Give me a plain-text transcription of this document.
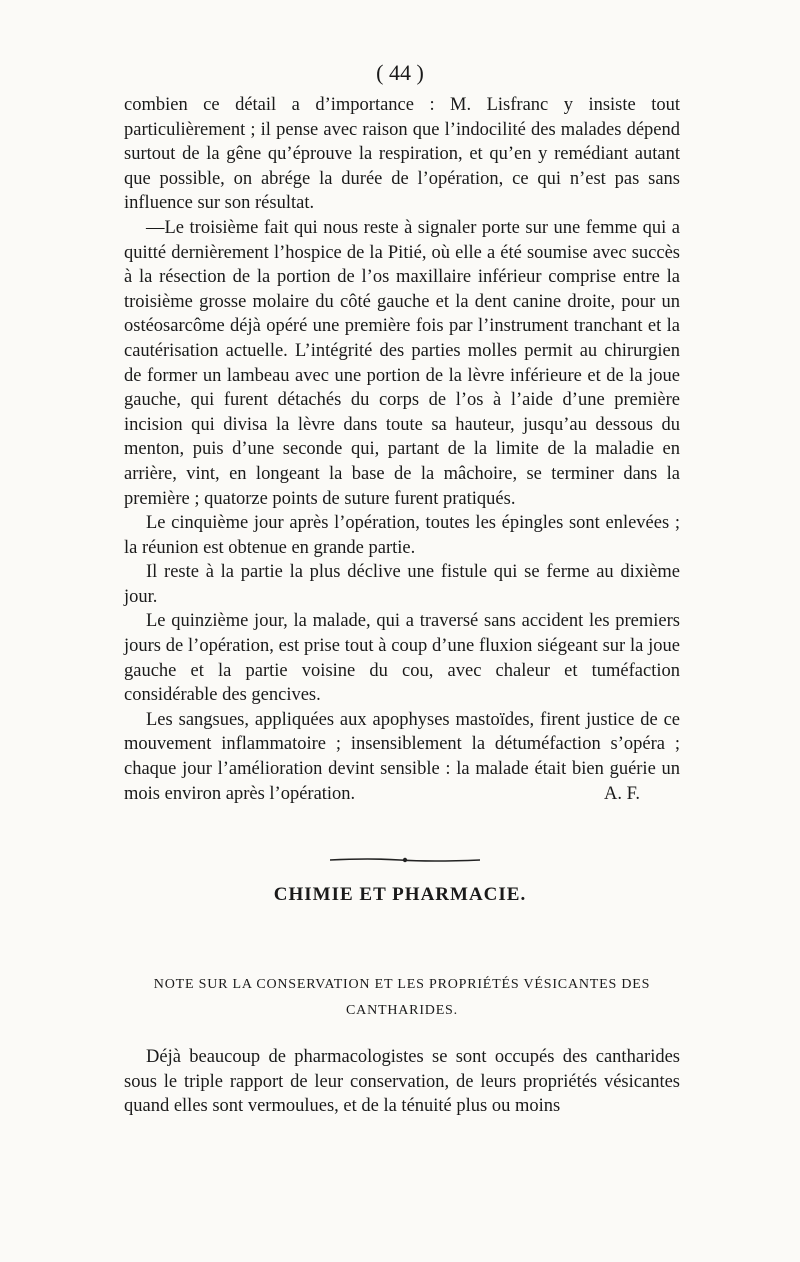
( 44 )

combien ce détail a d’importance : M. Lisfranc y insiste tout particulièrement ; il pense avec raison que l’indocilité des malades dépend surtout de la gêne qu’éprouve la respiration, et qu’en y remédiant autant que possible, on abrége la durée de l’opération, ce qui n’est pas sans influence sur son résultat.

—Le troisième fait qui nous reste à signaler porte sur une femme qui a quitté dernièrement l’hospice de la Pitié, où elle a été soumise avec succès à la résection de la portion de l’os maxillaire inférieur comprise entre la troisième grosse molaire du côté gauche et la dent canine droite, pour un ostéosarcôme déjà opéré une première fois par l’instrument tranchant et la cautérisation actuelle. L’intégrité des parties molles permit au chirurgien de former un lambeau avec une portion de la lèvre inférieure et de la joue gauche, qui furent détachés du corps de l’os à l’aide d’une première incision qui divisa la lèvre dans toute sa hauteur, jusqu’au dessous du menton, puis d’une seconde qui, partant de la limite de la maladie en arrière, vint, en longeant la base de la mâchoire, se terminer dans la première ; quatorze points de suture furent pratiqués.

Le cinquième jour après l’opération, toutes les épingles sont enlevées ; la réunion est obtenue en grande partie.

Il reste à la partie la plus déclive une fistule qui se ferme au dixième jour.

Le quinzième jour, la malade, qui a traversé sans accident les premiers jours de l’opération, est prise tout à coup d’une fluxion siégeant sur la joue gauche et la partie voisine du cou, avec chaleur et tuméfaction considérable des gencives.

Les sangsues, appliquées aux apophyses mastoïdes, firent justice de ce mouvement inflammatoire ; insensiblement la détuméfaction s’opéra ; chaque jour l’amélioration devint sensible : la malade était bien guérie un mois environ après l’opération.	A. F.

CHIMIE ET PHARMACIE.
NOTE SUR LA CONSERVATION ET LES PROPRIÉTÉS VÉSICANTES DES CANTHARIDES.

Déjà beaucoup de pharmacologistes se sont occupés des cantharides sous le triple rapport de leur conservation, de leurs propriétés vésicantes quand elles sont vermoulues, et de la ténuité plus ou moins
